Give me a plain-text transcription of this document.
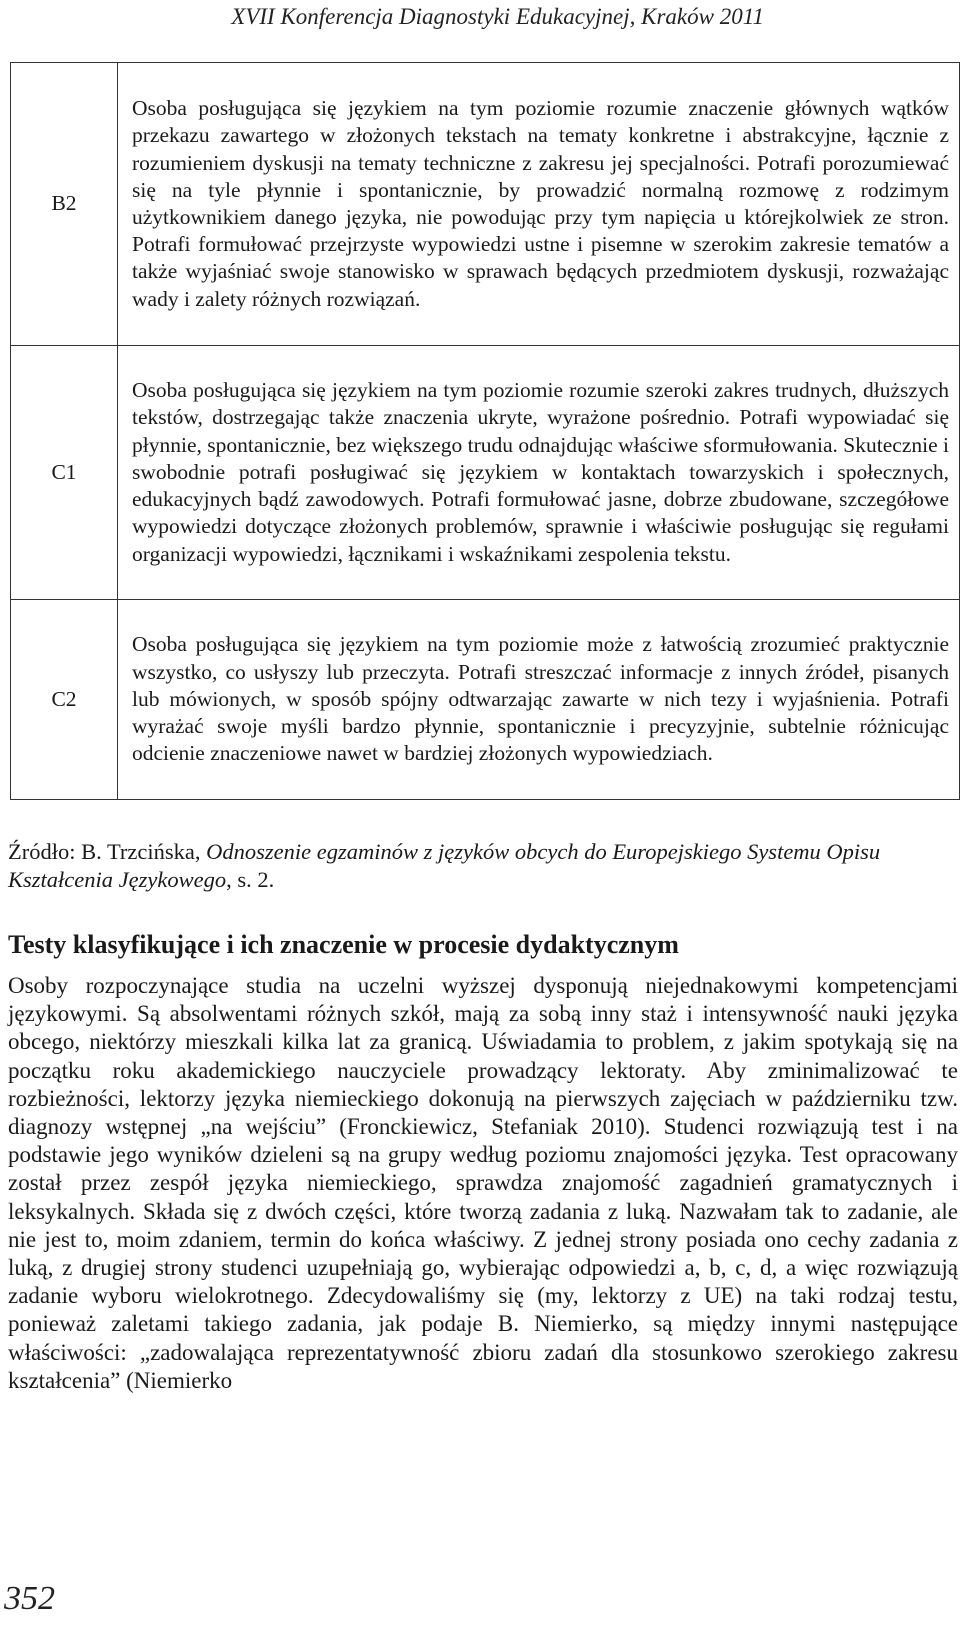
XVII Konferencja Diagnostyki Edukacyjnej, Kraków 2011
B2	Osoba posługująca się językiem na tym poziomie rozumie znaczenie głównych wątków przekazu zawartego w złożonych tekstach na tematy konkretne i abstrakcyjne, łącznie z rozumieniem dyskusji na tematy techniczne z zakresu jej specjalności. Potrafi porozumiewać się na tyle płynnie i spontanicznie, by prowadzić normalną rozmowę z rodzimym użytkownikiem danego języka, nie powodując przy tym napięcia u którejkolwiek ze stron. Potrafi formułować przejrzyste wypowiedzi ustne i pisemne w szerokim zakresie tematów a także wyjaśniać swoje stanowisko w sprawach będących przedmiotem dyskusji, rozważając wady i zalety różnych rozwiązań.
C1	Osoba posługująca się językiem na tym poziomie rozumie szeroki zakres trudnych, dłuższych tekstów, dostrzegając także znaczenia ukryte, wyrażone pośrednio. Potrafi wypowiadać się płynnie, spontanicznie, bez większego trudu odnajdując właściwe sformułowania. Skutecznie i swobodnie potrafi posługiwać się językiem w kontaktach towarzyskich i społecznych, edukacyjnych bądź zawodowych. Potrafi formułować jasne, dobrze zbudowane, szczegółowe wypowiedzi dotyczące złożonych problemów, sprawnie i właściwie posługując się regułami organizacji wypowiedzi, łącznikami i wskaźnikami zespolenia tekstu.
C2	Osoba posługująca się językiem na tym poziomie może z łatwością zrozumieć praktycznie wszystko, co usłyszy lub przeczyta. Potrafi streszczać informacje z innych źródeł, pisanych lub mówionych, w sposób spójny odtwarzając zawarte w nich tezy i wyjaśnienia. Potrafi wyrażać swoje myśli bardzo płynnie, spontanicznie i precyzyjnie, subtelnie różnicując odcienie znaczeniowe nawet w bardziej złożonych wypowiedziach.
Źródło: B. Trzcińska, Odnoszenie egzaminów z języków obcych do Europejskiego Systemu Opisu Kształcenia Językowego, s. 2.
Testy klasyfikujące i ich znaczenie w procesie dydaktycznym
Osoby rozpoczynające studia na uczelni wyższej dysponują niejednakowymi kompetencjami językowymi. Są absolwentami różnych szkół, mają za sobą inny staż i intensywność nauki języka obcego, niektórzy mieszkali kilka lat za granicą. Uświadamia to problem, z jakim spotykają się na początku roku akademickiego nauczyciele prowadzący lektoraty. Aby zminimalizować te rozbieżności, lektorzy języka niemieckiego dokonują na pierwszych zajęciach w październiku tzw. diagnozy wstępnej „na wejściu” (Fronckiewicz, Stefaniak 2010). Studenci rozwiązują test i na podstawie jego wyników dzieleni są na grupy według poziomu znajomości języka. Test opracowany został przez zespół języka niemieckiego, sprawdza znajomość zagadnień gramatycznych i leksykalnych. Składa się z dwóch części, które tworzą zadania z luką. Nazwałam tak to zadanie, ale nie jest to, moim zdaniem, termin do końca właściwy. Z jednej strony posiada ono cechy zadania z luką, z drugiej strony studenci uzupełniają go, wybierając odpowiedzi a, b, c, d, a więc rozwiązują zadanie wyboru wielokrotnego. Zdecydowaliśmy się (my, lektorzy z UE) na taki rodzaj testu, ponieważ zaletami takiego zadania, jak podaje B. Niemierko, są między innymi następujące właściwości: „zadowalająca reprezentatywność zbioru zadań dla stosunkowo szerokiego zakresu kształcenia” (Niemierko
352
